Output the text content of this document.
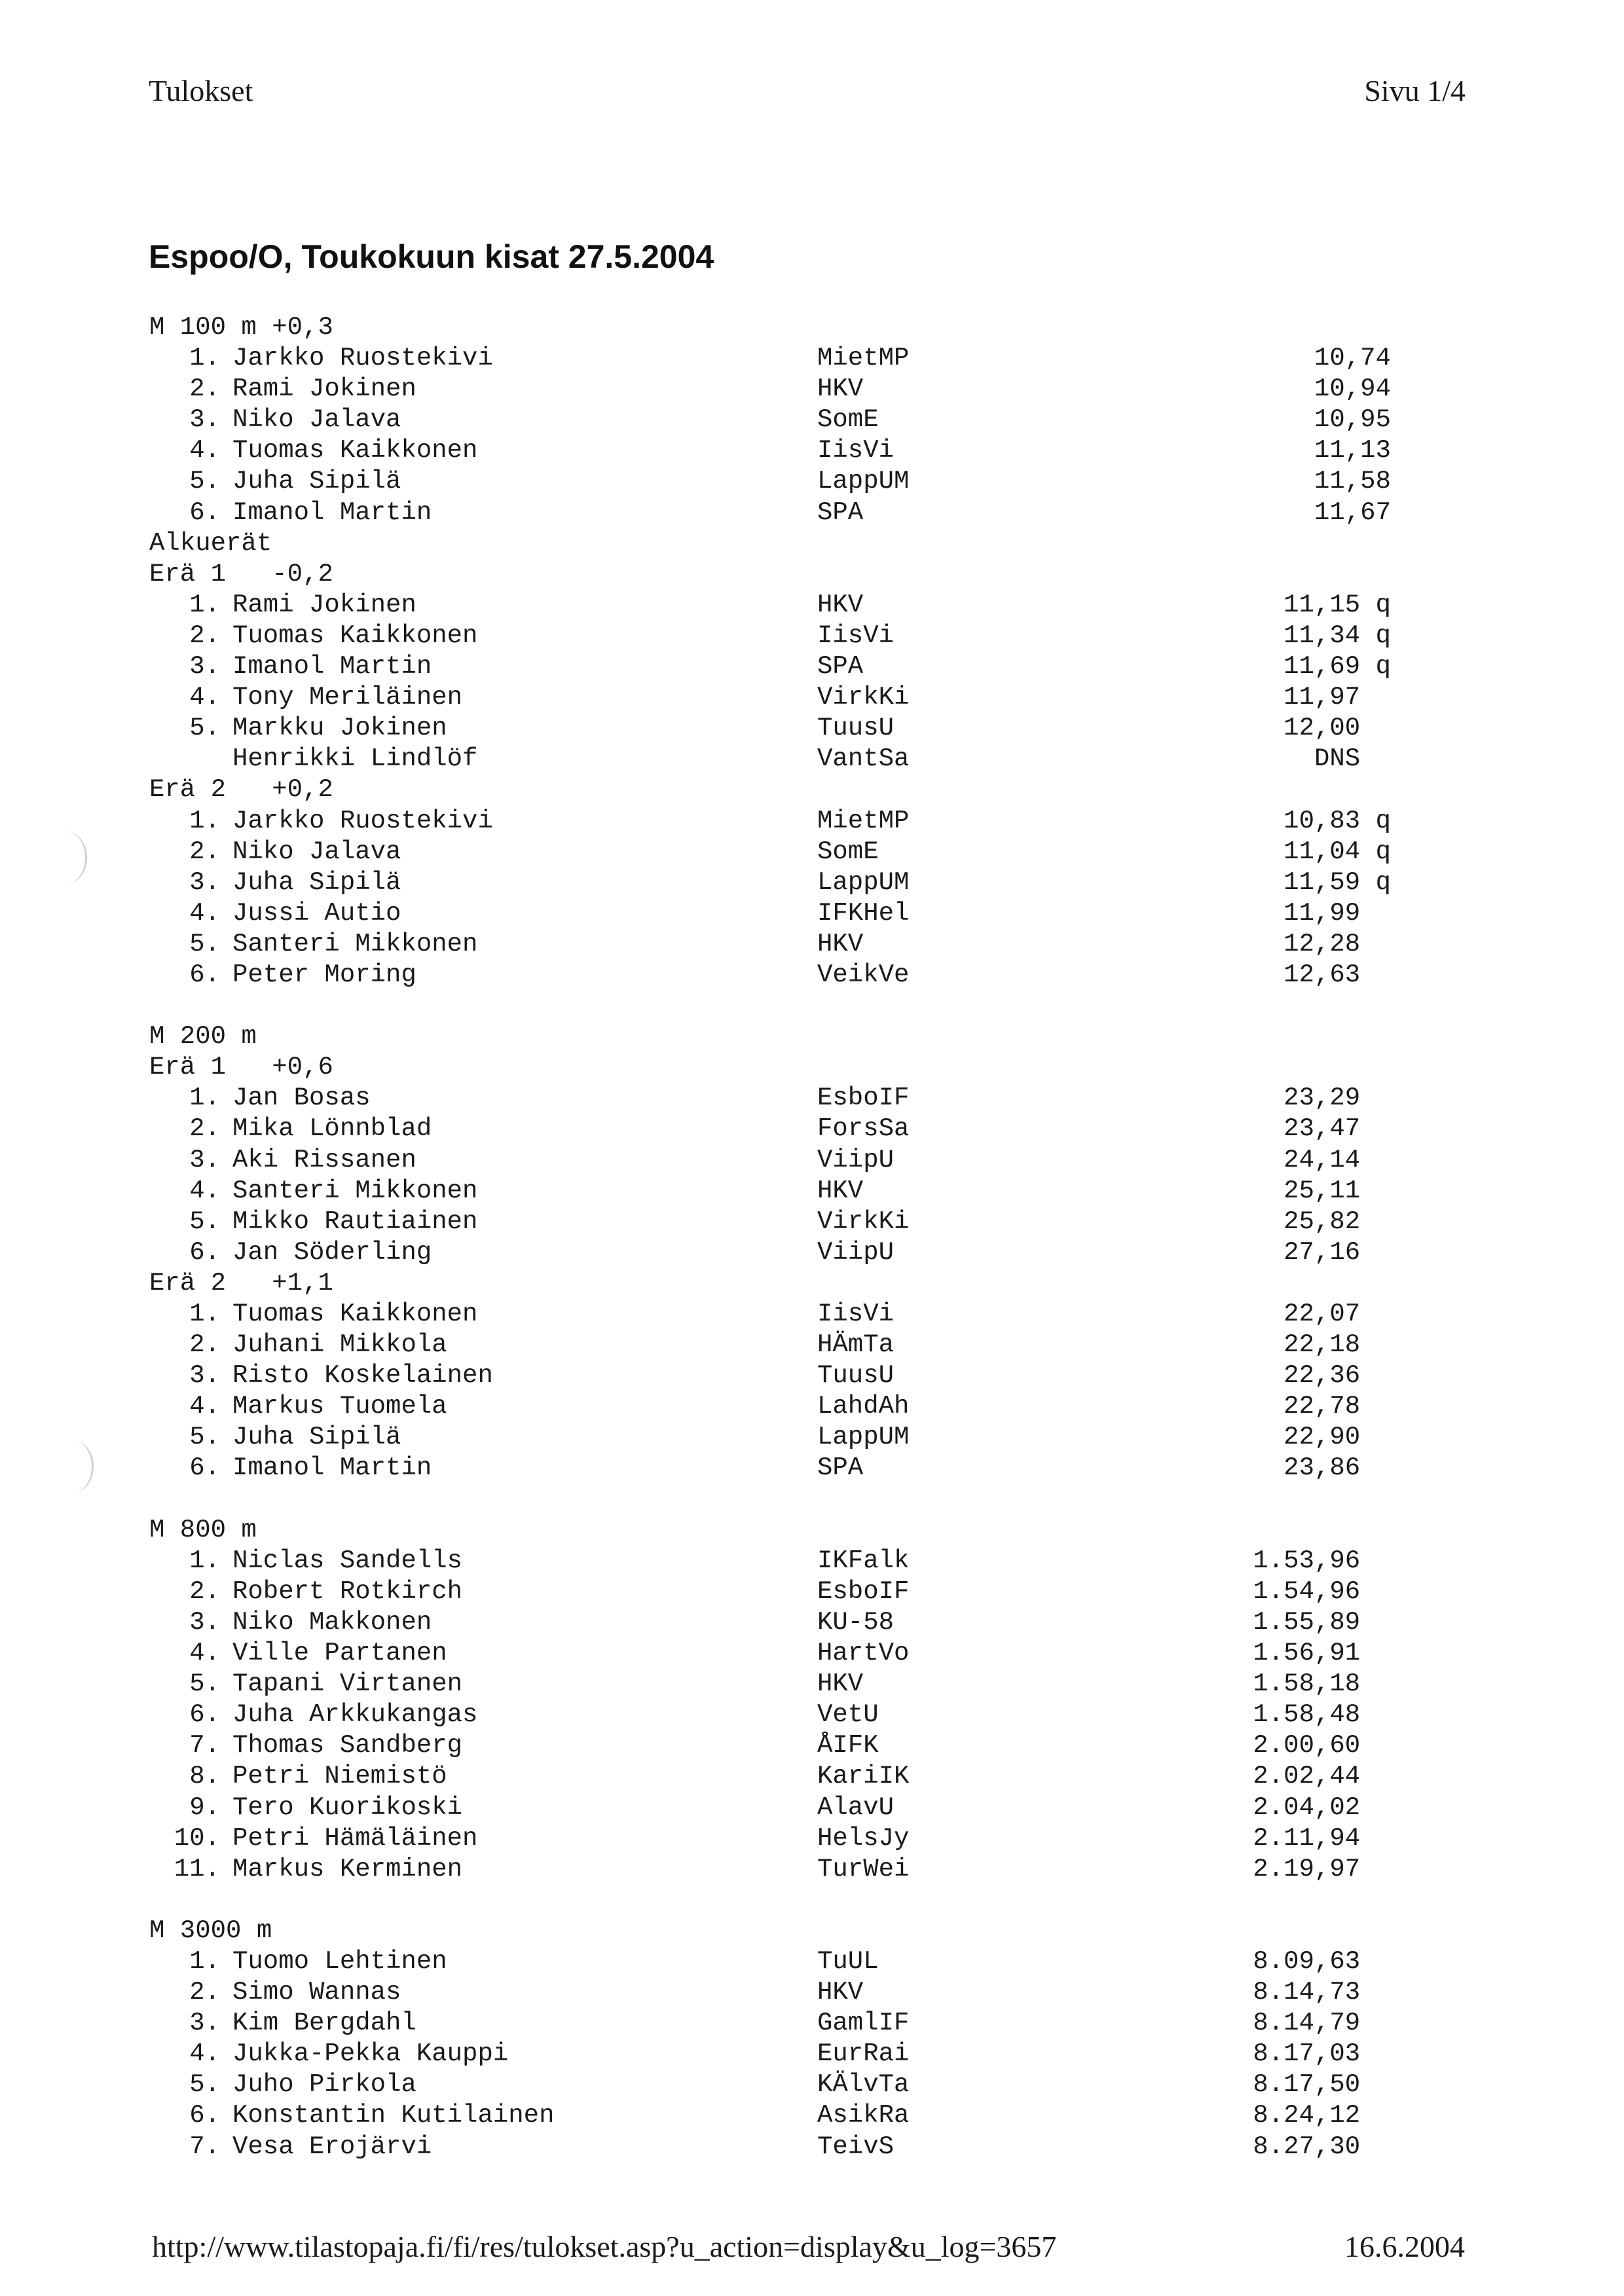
Tulokset	Sivu 1/4
Espoo/O, Toukokuun kisat 27.5.2004
M 100 m +0,3
1. Jarkko Ruostekivi	MietMP	10,74
2. Rami Jokinen	HKV	10,94
3. Niko Jalava	SomE	10,95
4. Tuomas Kaikkonen	IisVi	11,13
5. Juha Sipilä	LappUM	11,58
6. Imanol Martin	SPA	11,67
Alkuerät
Erä 1   -0,2
1. Rami Jokinen	HKV	11,15 q
2. Tuomas Kaikkonen	IisVi	11,34 q
3. Imanol Martin	SPA	11,69 q
4. Tony Meriläinen	VirkKi	11,97
5. Markku Jokinen	TuusU	12,00
Henrikki Lindlöf	VantSa	DNS
Erä 2   +0,2
1. Jarkko Ruostekivi	MietMP	10,83 q
2. Niko Jalava	SomE	11,04 q
3. Juha Sipilä	LappUM	11,59 q
4. Jussi Autio	IFKHel	11,99
5. Santeri Mikkonen	HKV	12,28
6. Peter Moring	VeikVe	12,63
M 200 m
Erä 1   +0,6
1. Jan Bosas	EsboIF	23,29
2. Mika Lönnblad	ForsSa	23,47
3. Aki Rissanen	ViipU	24,14
4. Santeri Mikkonen	HKV	25,11
5. Mikko Rautiainen	VirkKi	25,82
6. Jan Söderling	ViipU	27,16
Erä 2   +1,1
1. Tuomas Kaikkonen	IisVi	22,07
2. Juhani Mikkola	HÄmTa	22,18
3. Risto Koskelainen	TuusU	22,36
4. Markus Tuomela	LahdAh	22,78
5. Juha Sipilä	LappUM	22,90
6. Imanol Martin	SPA	23,86
M 800 m
1. Niclas Sandells	IKFalk	1.53,96
2. Robert Rotkirch	EsboIF	1.54,96
3. Niko Makkonen	KU-58	1.55,89
4. Ville Partanen	HartVo	1.56,91
5. Tapani Virtanen	HKV	1.58,18
6. Juha Arkkukangas	VetU	1.58,48
7. Thomas Sandberg	ÅIFK	2.00,60
8. Petri Niemistö	KariIK	2.02,44
9. Tero Kuorikoski	AlavU	2.04,02
10. Petri Hämäläinen	HelsJy	2.11,94
11. Markus Kerminen	TurWei	2.19,97
M 3000 m
1. Tuomo Lehtinen	TuUL	8.09,63
2. Simo Wannas	HKV	8.14,73
3. Kim Bergdahl	GamlIF	8.14,79
4. Jukka-Pekka Kauppi	EurRai	8.17,03
5. Juho Pirkola	KÄlvTa	8.17,50
6. Konstantin Kutilainen	AsikRa	8.24,12
7. Vesa Erojärvi	TeivS	8.27,30
http://www.tilastopaja.fi/fi/res/tulokset.asp?u_action=display&u_log=3657	16.6.2004
